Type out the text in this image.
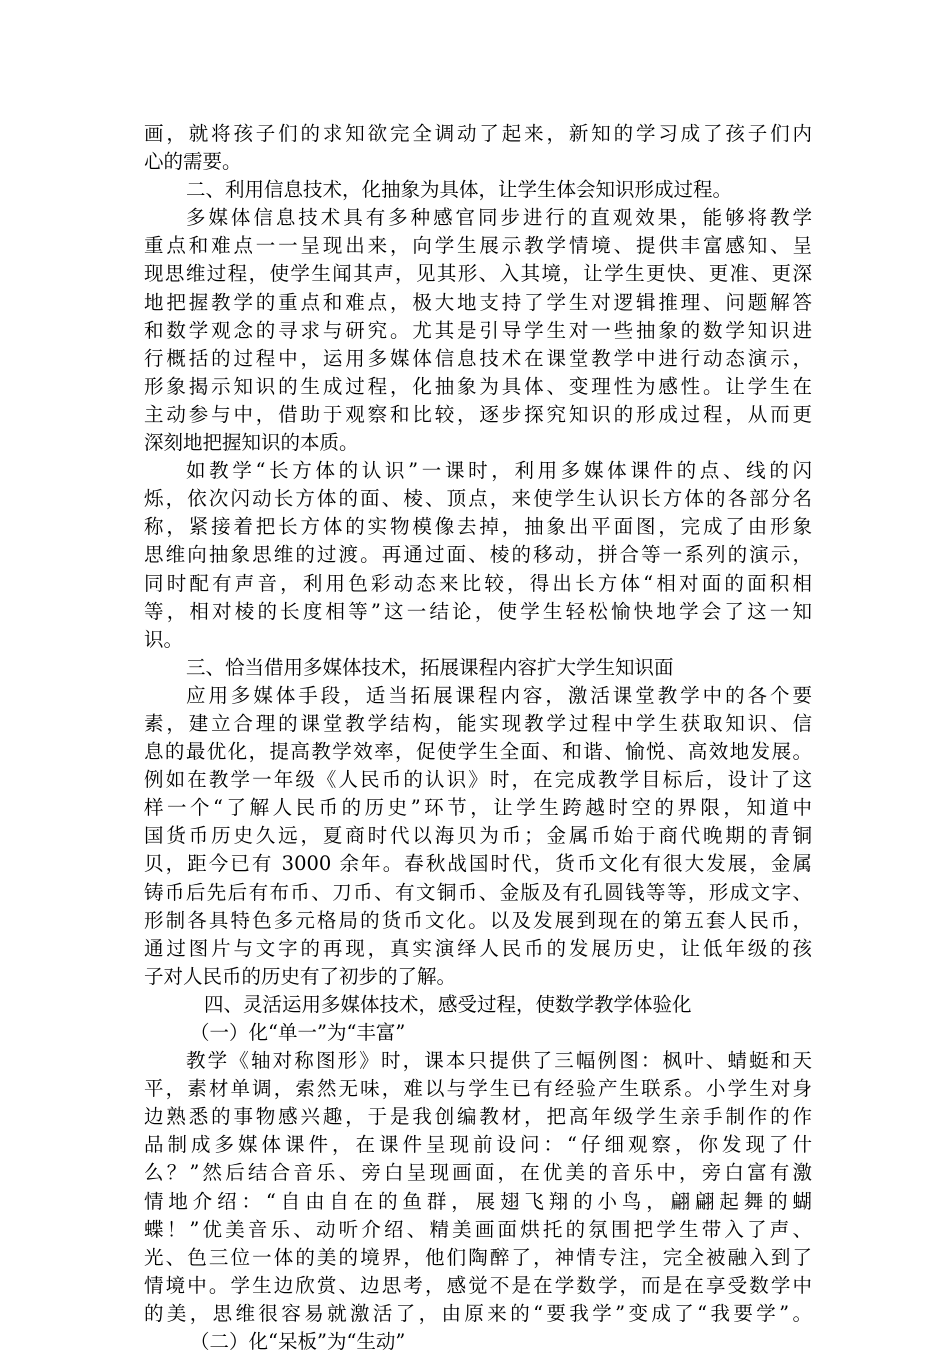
画，就将孩子们的求知欲完全调动了起来，新知的学习成了孩子们内
心的需要。
二、利用信息技术，化抽象为具体，让学生体会知识形成过程。
多媒体信息技术具有多种感官同步进行的直观效果，能够将教学
重点和难点一一呈现出来，向学生展示教学情境、提供丰富感知、呈
现思维过程，使学生闻其声，见其形、入其境，让学生更快、更准、更深
地把握教学的重点和难点，极大地支持了学生对逻辑推理、问题解答
和数学观念的寻求与研究。尤其是引导学生对一些抽象的数学知识进
行概括的过程中，运用多媒体信息技术在课堂教学中进行动态演示，
形象揭示知识的生成过程，化抽象为具体、变理性为感性。让学生在
主动参与中，借助于观察和比较，逐步探究知识的形成过程，从而更
深刻地把握知识的本质。
如教学“长方体的认识”一课时，利用多媒体课件的点、线的闪
烁，依次闪动长方体的面、棱、顶点，来使学生认识长方体的各部分名
称，紧接着把长方体的实物模像去掉，抽象出平面图，完成了由形象
思维向抽象思维的过渡。再通过面、棱的移动，拼合等一系列的演示，
同时配有声音，利用色彩动态来比较，得出长方体“相对面的面积相
等，相对棱的长度相等”这一结论，使学生轻松愉快地学会了这一知
识。
三、恰当借用多媒体技术，拓展课程内容扩大学生知识面
应用多媒体手段，适当拓展课程内容，激活课堂教学中的各个要
素，建立合理的课堂教学结构，能实现教学过程中学生获取知识、信
息的最优化，提高教学效率，促使学生全面、和谐、愉悦、高效地发展。
例如在教学一年级《人民币的认识》时，在完成教学目标后，设计了这
样一个“了解人民币的历史”环节，让学生跨越时空的界限，知道中
国货币历史久远，夏商时代以海贝为币；金属币始于商代晚期的青铜
贝，距今已有 3000 余年。春秋战国时代，货币文化有很大发展，金属
铸币后先后有布币、刀币、有文铜币、金版及有孔圆钱等等，形成文字、
形制各具特色多元格局的货币文化。以及发展到现在的第五套人民币，
通过图片与文字的再现，真实演绎人民币的发展历史，让低年级的孩
子对人民币的历史有了初步的了解。
四、灵活运用多媒体技术，感受过程，使数学教学体验化
（一）化“单一”为“丰富”
教学《轴对称图形》时，课本只提供了三幅例图：枫叶、蜻蜓和天
平，素材单调，索然无味，难以与学生已有经验产生联系。小学生对身
边熟悉的事物感兴趣，于是我创编教材，把高年级学生亲手制作的作
品制成多媒体课件，在课件呈现前设问：“仔细观察，你发现了什
么？”然后结合音乐、旁白呈现画面，在优美的音乐中，旁白富有激
情地介绍：“自由自在的鱼群，展翅飞翔的小鸟，翩翩起舞的蝴
蝶！”优美音乐、动听介绍、精美画面烘托的氛围把学生带入了声、
光、色三位一体的美的境界，他们陶醉了，神情专注，完全被融入到了
情境中。学生边欣赏、边思考，感觉不是在学数学，而是在享受数学中
的美，思维很容易就激活了，由原来的“要我学”变成了“我要学”。
（二）化“呆板”为“生动”
